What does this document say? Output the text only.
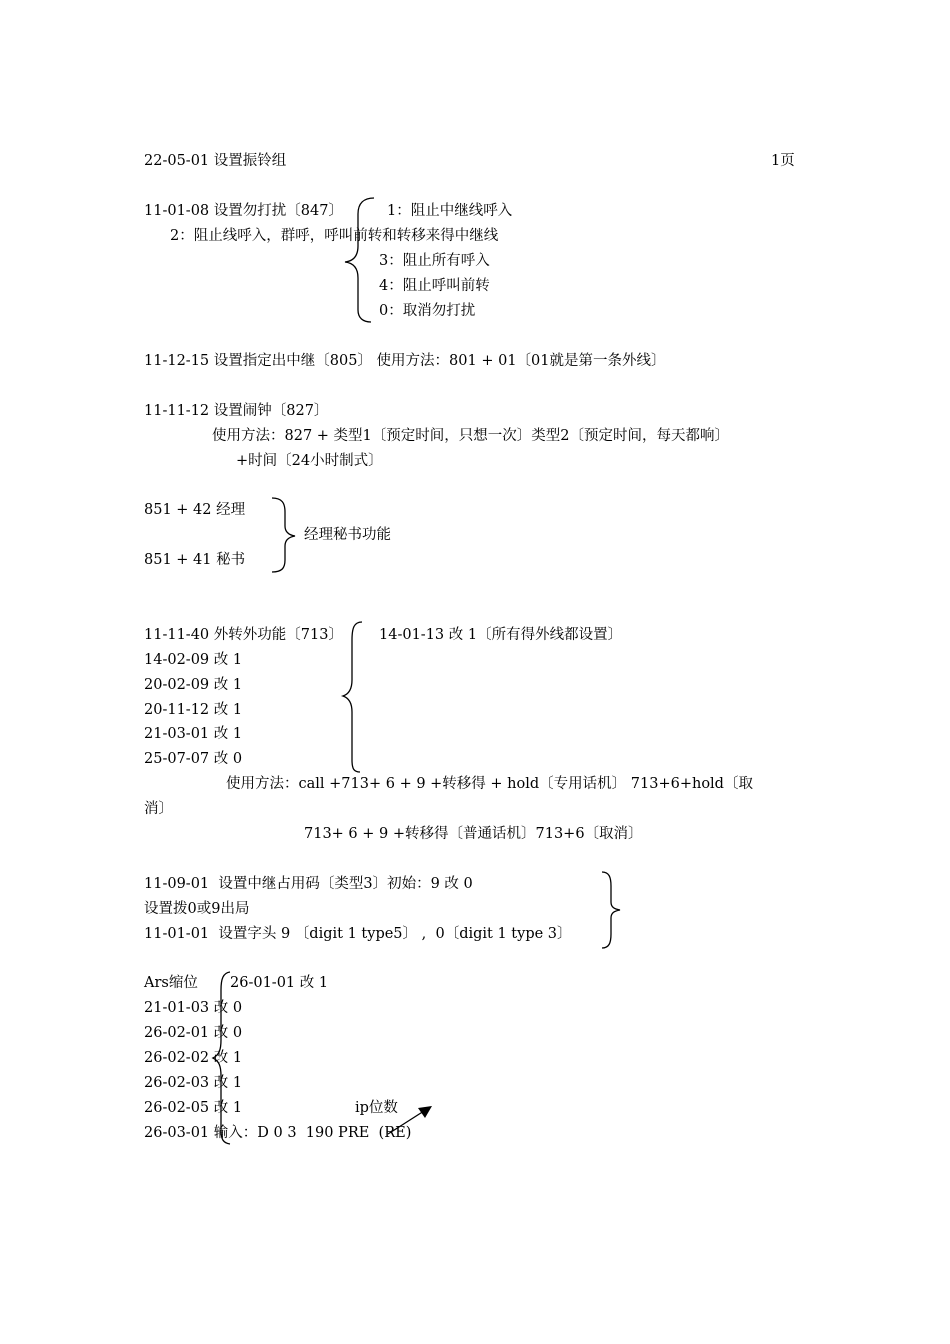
22-05-01 设置振铃组	1页
11-01-08 设置勿打扰〔847〕	1：阻止中继线呼入
2：阻止线呼入，群呼，呼叫前转和转移来得中继线
3：阻止所有呼入
4：阻止呼叫前转
0：取消勿打扰
11-12-15 设置指定出中继〔805〕 使用方法：801 + 01〔01就是第一条外线〕
11-11-12 设置闹钟〔827〕
使用方法：827 + 类型1〔预定时间，只想一次〕类型2〔预定时间，每天都响〕
+时间〔24小时制式〕
851 + 42 经理
851 + 41 秘书
经理秘书功能
11-11-40 外转外功能〔713〕 14-01-13 改 1〔所有得外线都设置〕
14-02-09 改 1
20-02-09 改 1
20-11-12 改 1
21-03-01 改 1
25-07-07 改 0
使用方法：call +713+ 6 + 9 +转移得 + hold〔专用话机〕 713+6+hold〔取
消〕
713+ 6 + 9 +转移得〔普通话机〕713+6〔取消〕
11-09-01  设置中继占用码〔类型3〕初始：9 改 0
设置拨0或9出局
11-01-01  设置字头 9 〔digit 1 type5〕 ,  0〔digit 1 type 3〕
Ars缩位 26-01-01 改 1
21-01-03 改 0
26-02-01 改 0
26-02-02 改 1
26-02-03 改 1
26-02-05 改 1
26-03-01 输入：D 0 3  190 PRE  (RE)
ip位数
